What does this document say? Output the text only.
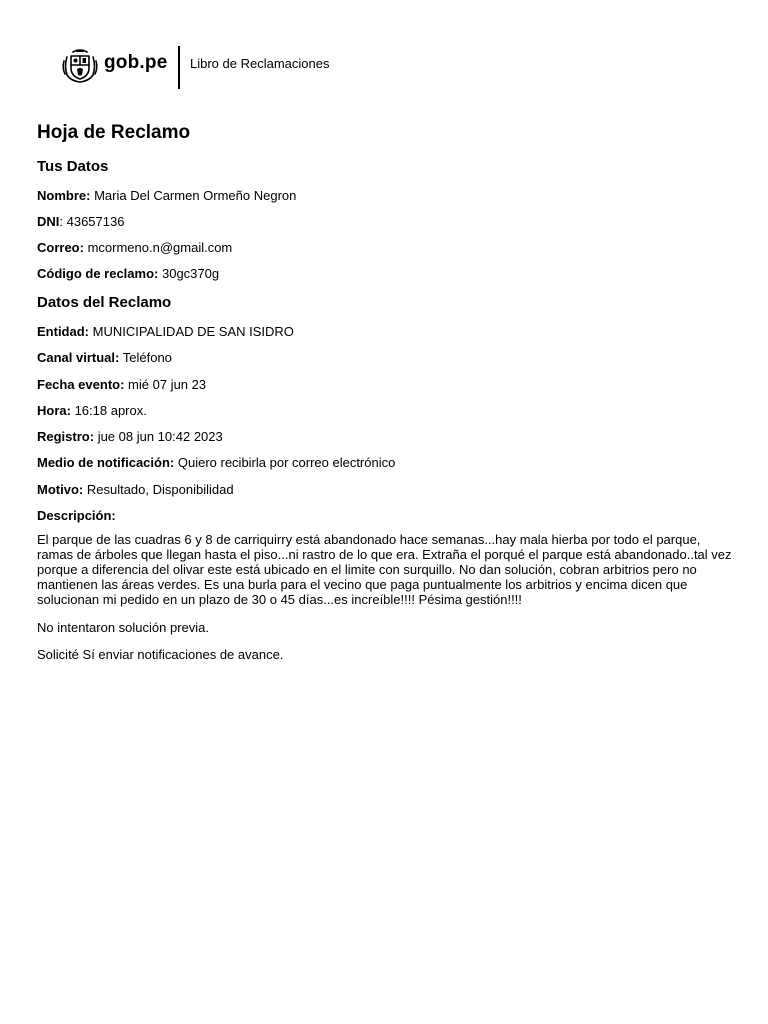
gob.pe Libro de Reclamaciones
Hoja de Reclamo
Tus Datos
Nombre: Maria Del Carmen Ormeño Negron
DNI: 43657136
Correo: mcormeno.n@gmail.com
Código de reclamo: 30gc370g
Datos del Reclamo
Entidad: MUNICIPALIDAD DE SAN ISIDRO
Canal virtual: Teléfono
Fecha evento: mié 07 jun 23
Hora: 16:18 aprox.
Registro: jue 08 jun 10:42 2023
Medio de notificación: Quiero recibirla por correo electrónico
Motivo: Resultado, Disponibilidad
Descripción:

El parque de las cuadras 6 y 8 de carriquirry está abandonado hace semanas...hay mala hierba por todo el parque, ramas de árboles que llegan hasta el piso...ni rastro de lo que era. Extraña el porqué el parque está abandonado..tal vez porque a diferencia del olivar este está ubicado en el limite con surquillo. No dan solución, cobran arbitrios pero no mantienen las áreas verdes. Es una burla para el vecino que paga puntualmente los arbitrios y encima dicen que solucionan mi pedido en un plazo de 30 o 45 días...es increíble!!!! Pésima gestión!!!!

No intentaron solución previa.
Solicité Sí enviar notificaciones de avance.
